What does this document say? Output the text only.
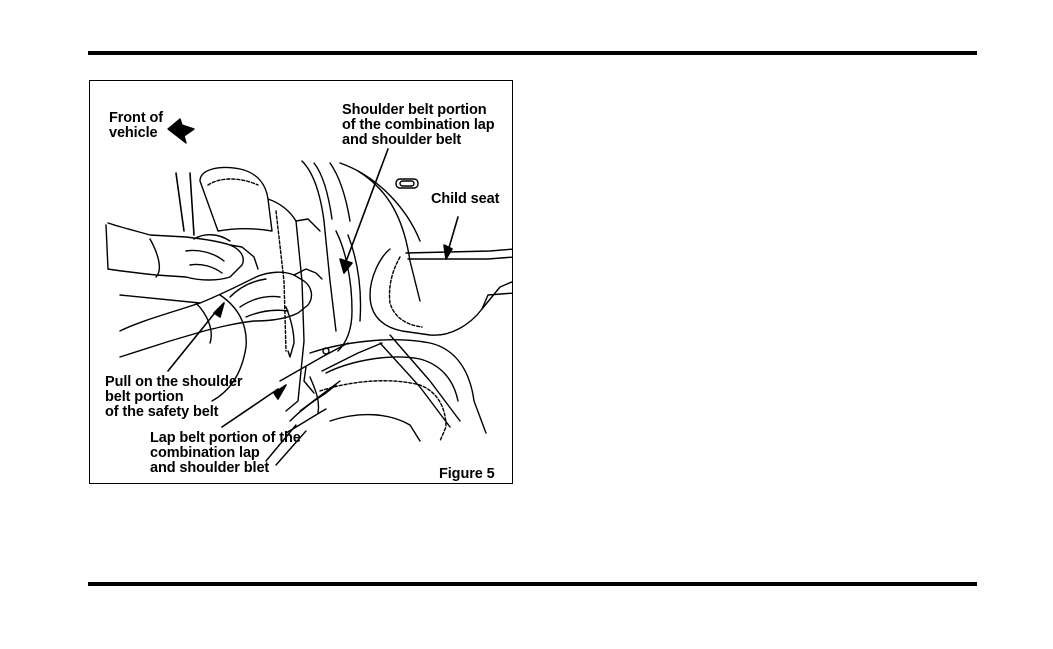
Front of
vehicle
Shoulder belt portion
of the combination lap
and shoulder belt
Child seat
Pull on the shoulder
belt portion
of the safety belt
Lap belt portion of the
combination lap
and shoulder blet	Figure 5
